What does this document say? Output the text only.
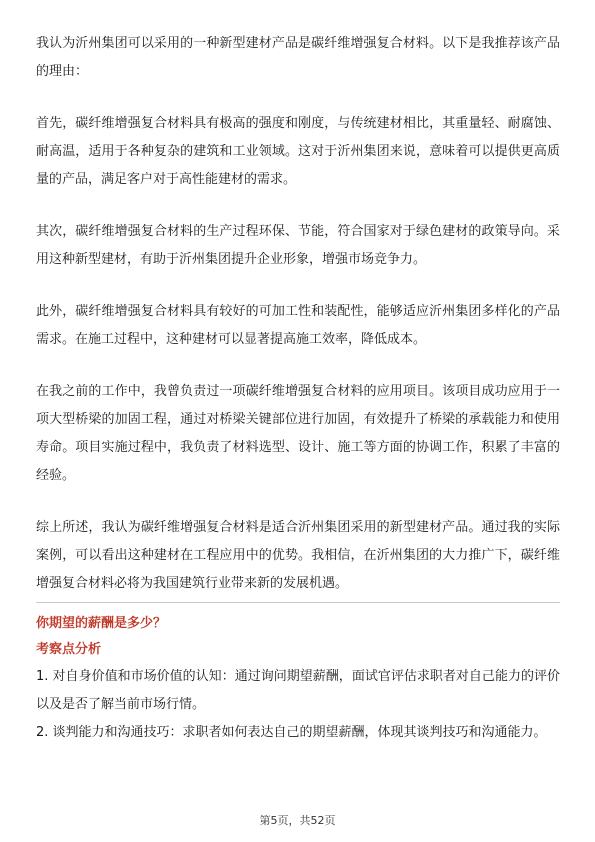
我认为沂州集团可以采用的一种新型建材产品是碳纤维增强复合材料。以下是我推荐该产品的理由：

首先，碳纤维增强复合材料具有极高的强度和刚度，与传统建材相比，其重量轻、耐腐蚀、耐高温，适用于各种复杂的建筑和工业领域。这对于沂州集团来说，意味着可以提供更高质量的产品，满足客户对于高性能建材的需求。

其次，碳纤维增强复合材料的生产过程环保、节能，符合国家对于绿色建材的政策导向。采用这种新型建材，有助于沂州集团提升企业形象，增强市场竞争力。

此外，碳纤维增强复合材料具有较好的可加工性和装配性，能够适应沂州集团多样化的产品需求。在施工过程中，这种建材可以显著提高施工效率，降低成本。

在我之前的工作中，我曾负责过一项碳纤维增强复合材料的应用项目。该项目成功应用于一项大型桥梁的加固工程，通过对桥梁关键部位进行加固，有效提升了桥梁的承载能力和使用寿命。项目实施过程中，我负责了材料选型、设计、施工等方面的协调工作，积累了丰富的经验。

综上所述，我认为碳纤维增强复合材料是适合沂州集团采用的新型建材产品。通过我的实际案例，可以看出这种建材在工程应用中的优势。我相信，在沂州集团的大力推广下，碳纤维增强复合材料必将为我国建筑行业带来新的发展机遇。

你期望的薪酬是多少？
考察点分析

1. 对自身价值和市场价值的认知：通过询问期望薪酬，面试官评估求职者对自己能力的评价以及是否了解当前市场行情。

2. 谈判能力和沟通技巧：求职者如何表达自己的期望薪酬，体现其谈判技巧和沟通能力。

第5页，共52页
